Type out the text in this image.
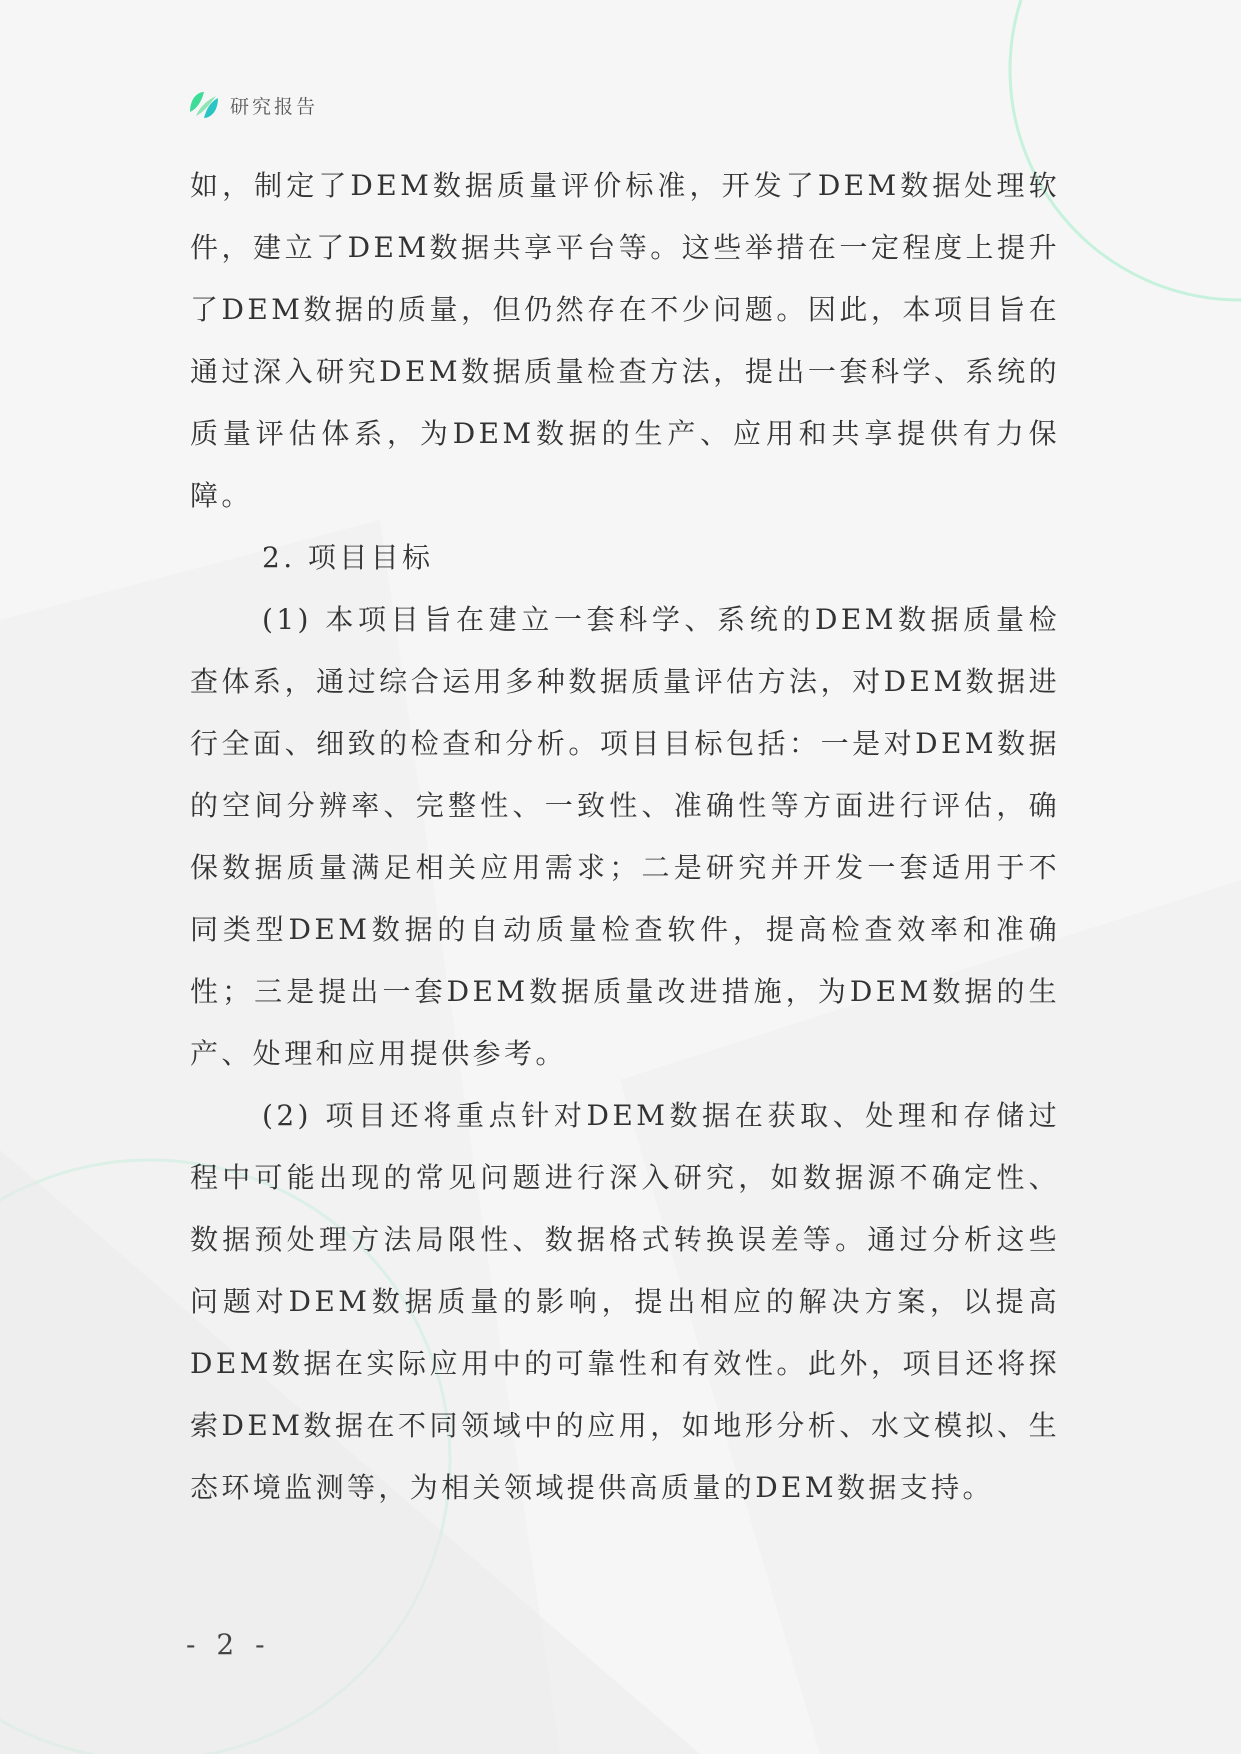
研究报告

如，制定了DEM数据质量评价标准，开发了DEM数据处理软件，建立了DEM数据共享平台等。这些举措在一定程度上提升了DEM数据的质量，但仍然存在不少问题。因此，本项目旨在通过深入研究DEM数据质量检查方法，提出一套科学、系统的质量评估体系，为DEM数据的生产、应用和共享提供有力保障。

2. 项目目标

(1) 本项目旨在建立一套科学、系统的DEM数据质量检查体系，通过综合运用多种数据质量评估方法，对DEM数据进行全面、细致的检查和分析。项目目标包括：一是对DEM数据的空间分辨率、完整性、一致性、准确性等方面进行评估，确保数据质量满足相关应用需求；二是研究并开发一套适用于不同类型DEM数据的自动质量检查软件，提高检查效率和准确性；三是提出一套DEM数据质量改进措施，为DEM数据的生产、处理和应用提供参考。

(2) 项目还将重点针对DEM数据在获取、处理和存储过程中可能出现的常见问题进行深入研究，如数据源不确定性、数据预处理方法局限性、数据格式转换误差等。通过分析这些问题对DEM数据质量的影响，提出相应的解决方案，以提高DEM数据在实际应用中的可靠性和有效性。此外，项目还将探索DEM数据在不同领域中的应用，如地形分析、水文模拟、生态环境监测等，为相关领域提供高质量的DEM数据支持。

- 2 -
